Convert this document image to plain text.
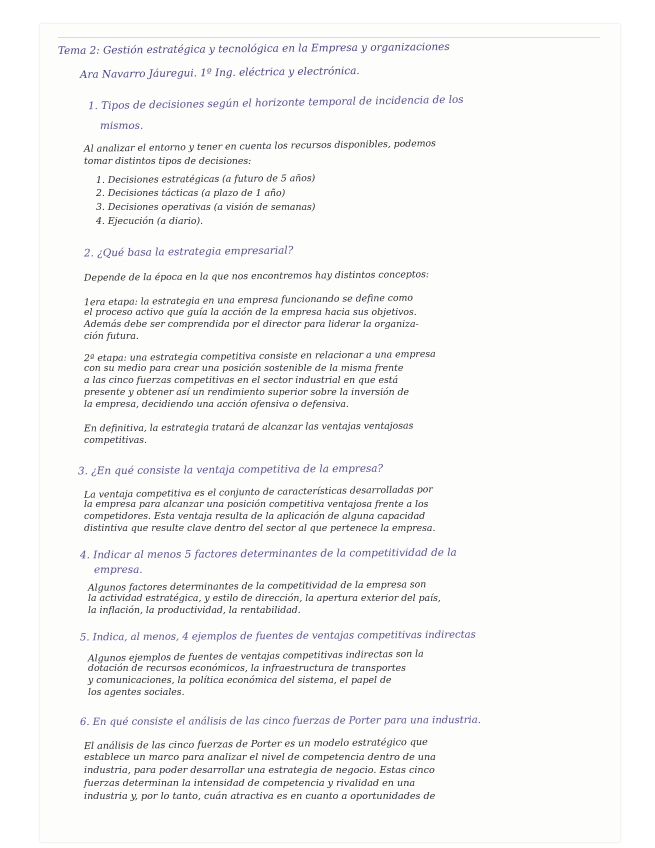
Tema 2: Gestión estratégica y tecnológica en la Empresa y organizaciones
Ara Navarro Jáuregui. 1º Ing. eléctrica y electrónica.
1. Tipos de decisiones según el horizonte temporal de incidencia de los
mismos.
Al analizar el entorno y tener en cuenta los recursos disponibles, podemos
tomar distintos tipos de decisiones:
1. Decisiones estratégicas (a futuro de 5 años)
2. Decisiones tácticas (a plazo de 1 año)
3. Decisiones operativas (a visión de semanas)
4. Ejecución (a diario).
2. ¿Qué basa la estrategia empresarial?
Depende de la época en la que nos encontremos hay distintos conceptos:
1era etapa: la estrategia en una empresa funcionando se define como
el proceso activo que guía la acción de la empresa hacia sus objetivos.
Además debe ser comprendida por el director para liderar la organiza-
ción futura.
2ª etapa: una estrategia competitiva consiste en relacionar a una empresa
con su medio para crear una posición sostenible de la misma frente
a las cinco fuerzas competitivas en el sector industrial en que está
presente y obtener así un rendimiento superior sobre la inversión de
la empresa, decidiendo una acción ofensiva o defensiva.
En definitiva, la estrategia tratará de alcanzar las ventajas ventajosas
competitivas.
3. ¿En qué consiste la ventaja competitiva de la empresa?
La ventaja competitiva es el conjunto de características desarrolladas por
la empresa para alcanzar una posición competitiva ventajosa frente a los
competidores. Esta ventaja resulta de la aplicación de alguna capacidad
distintiva que resulte clave dentro del sector al que pertenece la empresa.
4. Indicar al menos 5 factores determinantes de la competitividad de la
empresa.
Algunos factores determinantes de la competitividad de la empresa son
la actividad estratégica, y estilo de dirección, la apertura exterior del país,
la inflación, la productividad, la rentabilidad.
5. Indica, al menos, 4 ejemplos de fuentes de ventajas competitivas indirectas
Algunos ejemplos de fuentes de ventajas competitivas indirectas son la
dotación de recursos económicos, la infraestructura de transportes
y comunicaciones, la política económica del sistema, el papel de
los agentes sociales.
6. En qué consiste el análisis de las cinco fuerzas de Porter para una industria.
El análisis de las cinco fuerzas de Porter es un modelo estratégico que
establece un marco para analizar el nivel de competencia dentro de una
industria, para poder desarrollar una estrategia de negocio. Estas cinco
fuerzas determinan la intensidad de competencia y rivalidad en una
industria y, por lo tanto, cuán atractiva es en cuanto a oportunidades de
